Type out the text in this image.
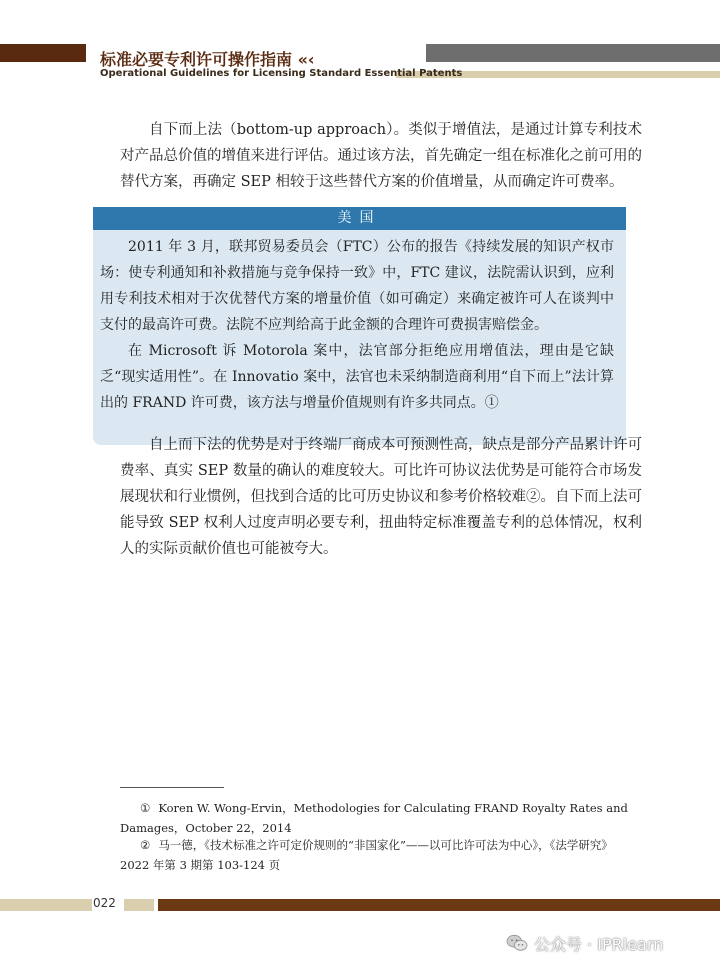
标准必要专利许可操作指南 «‹

Operational Guidelines for Licensing Standard Essential Patents

自下而上法（bottom-up approach）。类似于增值法，是通过计算专利技术对产品总价值的增值来进行评估。通过该方法，首先确定一组在标准化之前可用的替代方案，再确定 SEP 相较于这些替代方案的价值增量，从而确定许可费率。

美国

2011 年 3 月，联邦贸易委员会（FTC）公布的报告《持续发展的知识产权市场：使专利通知和补救措施与竞争保持一致》中，FTC 建议，法院需认识到，应利用专利技术相对于次优替代方案的增量价值（如可确定）来确定被许可人在谈判中支付的最高许可费。法院不应判给高于此金额的合理许可费损害赔偿金。

在 Microsoft 诉 Motorola 案中，法官部分拒绝应用增值法，理由是它缺乏“现实适用性”。在 Innovatio 案中，法官也未采纳制造商利用“自下而上”法计算出的 FRAND 许可费，该方法与增量价值规则有许多共同点。①

自上而下法的优势是对于终端厂商成本可预测性高，缺点是部分产品累计许可费率、真实 SEP 数量的确认的难度较大。可比许可协议法优势是可能符合市场发展现状和行业惯例，但找到合适的比可历史协议和参考价格较难②。自下而上法可能导致 SEP 权利人过度声明必要专利，扭曲特定标准覆盖专利的总体情况，权利人的实际贡献价值也可能被夸大。

① Koren W. Wong-Ervin，Methodologies for Calculating FRAND Royalty Rates and Damages，October 22，2014

② 马一德，《技术标准之许可定价规则的“非国家化”——以可比许可法为中心》，《法学研究》2022 年第 3 期第 103-124 页

022

公众号 · IPRlearn
